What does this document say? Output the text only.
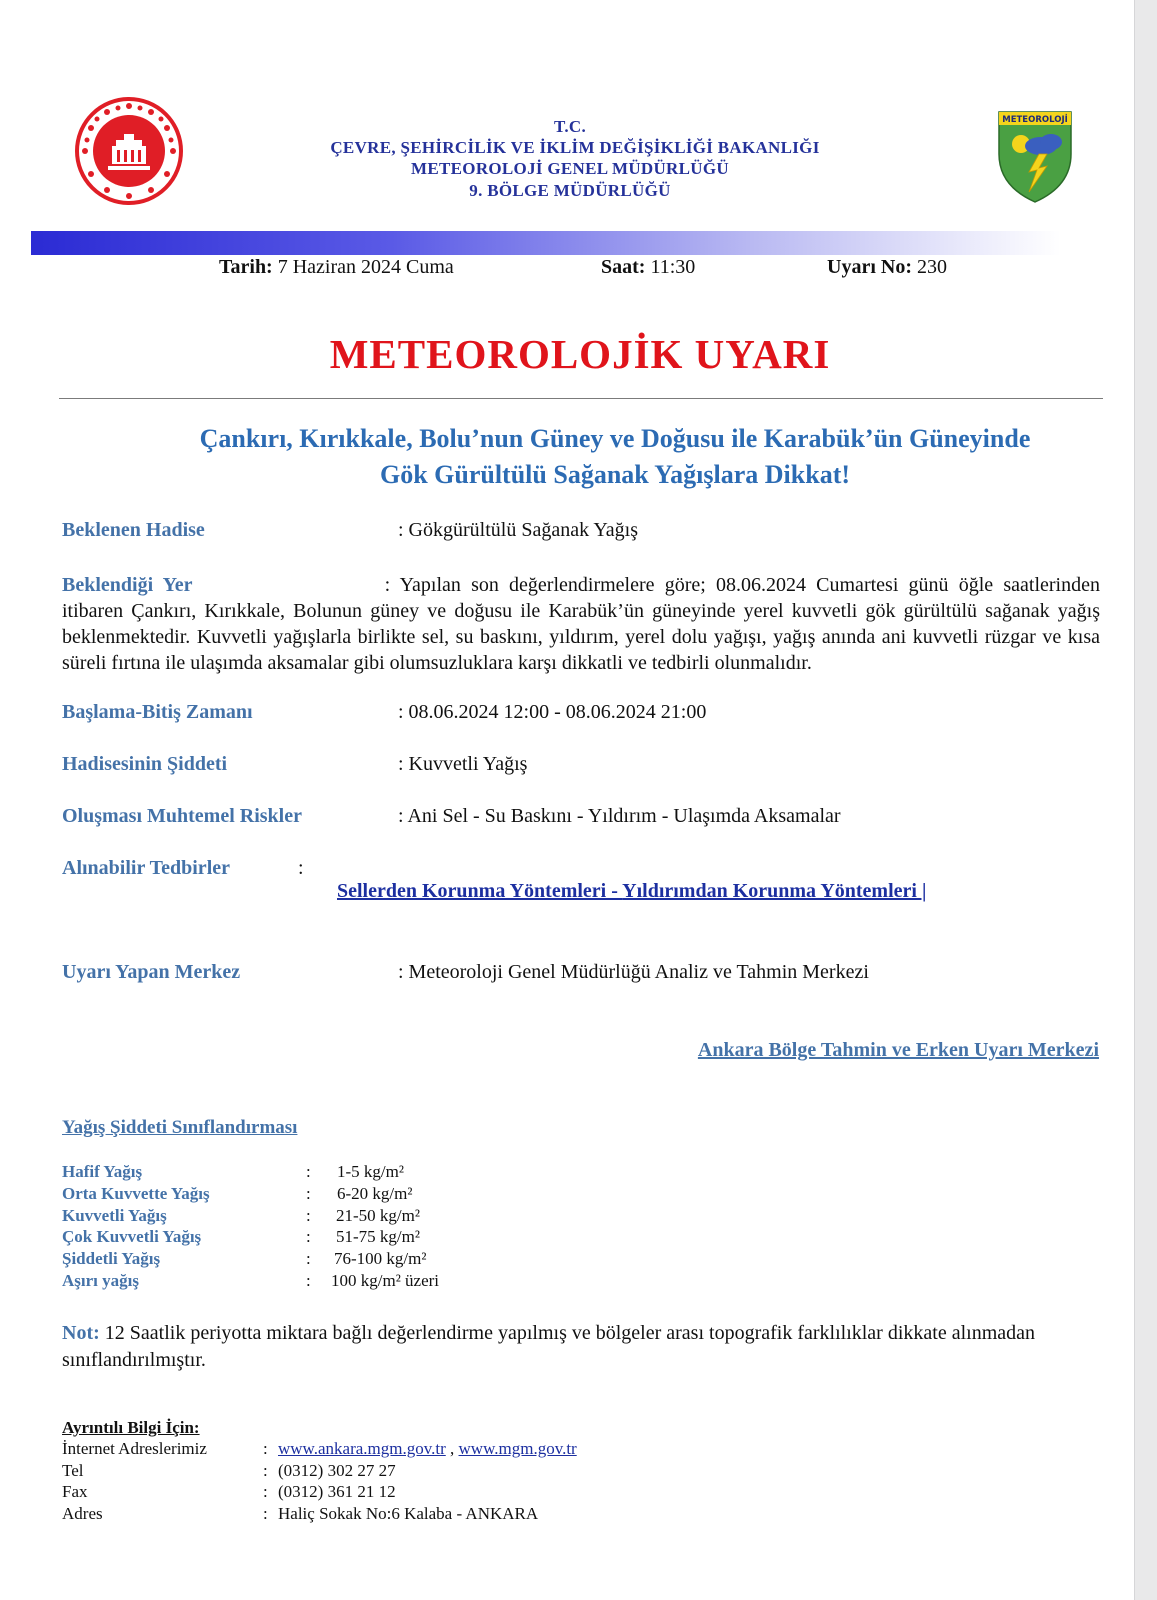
T.C.
ÇEVRE, ŞEHİRCİLİK VE İKLİM DEĞİŞİKLİĞİ BAKANLIĞI
METEOROLOJİ GENEL MÜDÜRLÜĞÜ
9. BÖLGE MÜDÜRLÜĞÜ
METEOROLOJİ
Tarih: 7 Haziran 2024 Cuma	Saat: 11:30	Uyarı No: 230
METEOROLOJİK UYARI
Çankırı, Kırıkkale, Bolu’nun Güney ve Doğusu ile Karabük’ün Güneyinde
Gök Gürültülü Sağanak Yağışlara Dikkat!
Beklenen Hadise	: Gökgürültülü Sağanak Yağış
Beklendiği Yer	: Yapılan son değerlendirmelere göre; 08.06.2024 Cumartesi günü öğle saatlerinden itibaren Çankırı, Kırıkkale, Bolunun güney ve doğusu ile Karabük’ün güneyinde yerel kuvvetli gök gürültülü sağanak yağış beklenmektedir. Kuvvetli yağışlarla birlikte sel, su baskını, yıldırım, yerel dolu yağışı, yağış anında ani kuvvetli rüzgar ve kısa süreli fırtına ile ulaşımda aksamalar gibi olumsuzluklara karşı dikkatli ve tedbirli olunmalıdır.
Başlama-Bitiş Zamanı	: 08.06.2024 12:00 - 08.06.2024 21:00
Hadisesinin Şiddeti	: Kuvvetli Yağış
Oluşması Muhtemel Riskler	: Ani Sel - Su Baskını - Yıldırım - Ulaşımda Aksamalar
Alınabilir Tedbirler	:

Sellerden Korunma Yöntemleri - Yıldırımdan Korunma Yöntemleri |

Uyarı Yapan Merkez	: Meteoroloji Genel Müdürlüğü Analiz ve Tahmin Merkezi
Ankara Bölge Tahmin ve Erken Uyarı Merkezi
Yağış Şiddeti Sınıflandırması
Hafif Yağış	: 1-5 kg/m²
Orta Kuvvette Yağış	: 6-20 kg/m²
Kuvvetli Yağış	: 21-50 kg/m²
Çok Kuvvetli Yağış	: 51-75 kg/m²
Şiddetli Yağış	: 76-100 kg/m²
Aşırı yağış	: 100 kg/m² üzeri
Not: 12 Saatlik periyotta miktara bağlı değerlendirme yapılmış ve bölgeler arası topografik farklılıklar dikkate alınmadan sınıflandırılmıştır.
Ayrıntılı Bilgi İçin:
İnternet Adreslerimiz	: www.ankara.mgm.gov.tr , www.mgm.gov.tr
Tel	: (0312) 302 27 27
Fax	: (0312) 361 21 12
Adres	: Haliç Sokak No:6 Kalaba - ANKARA
